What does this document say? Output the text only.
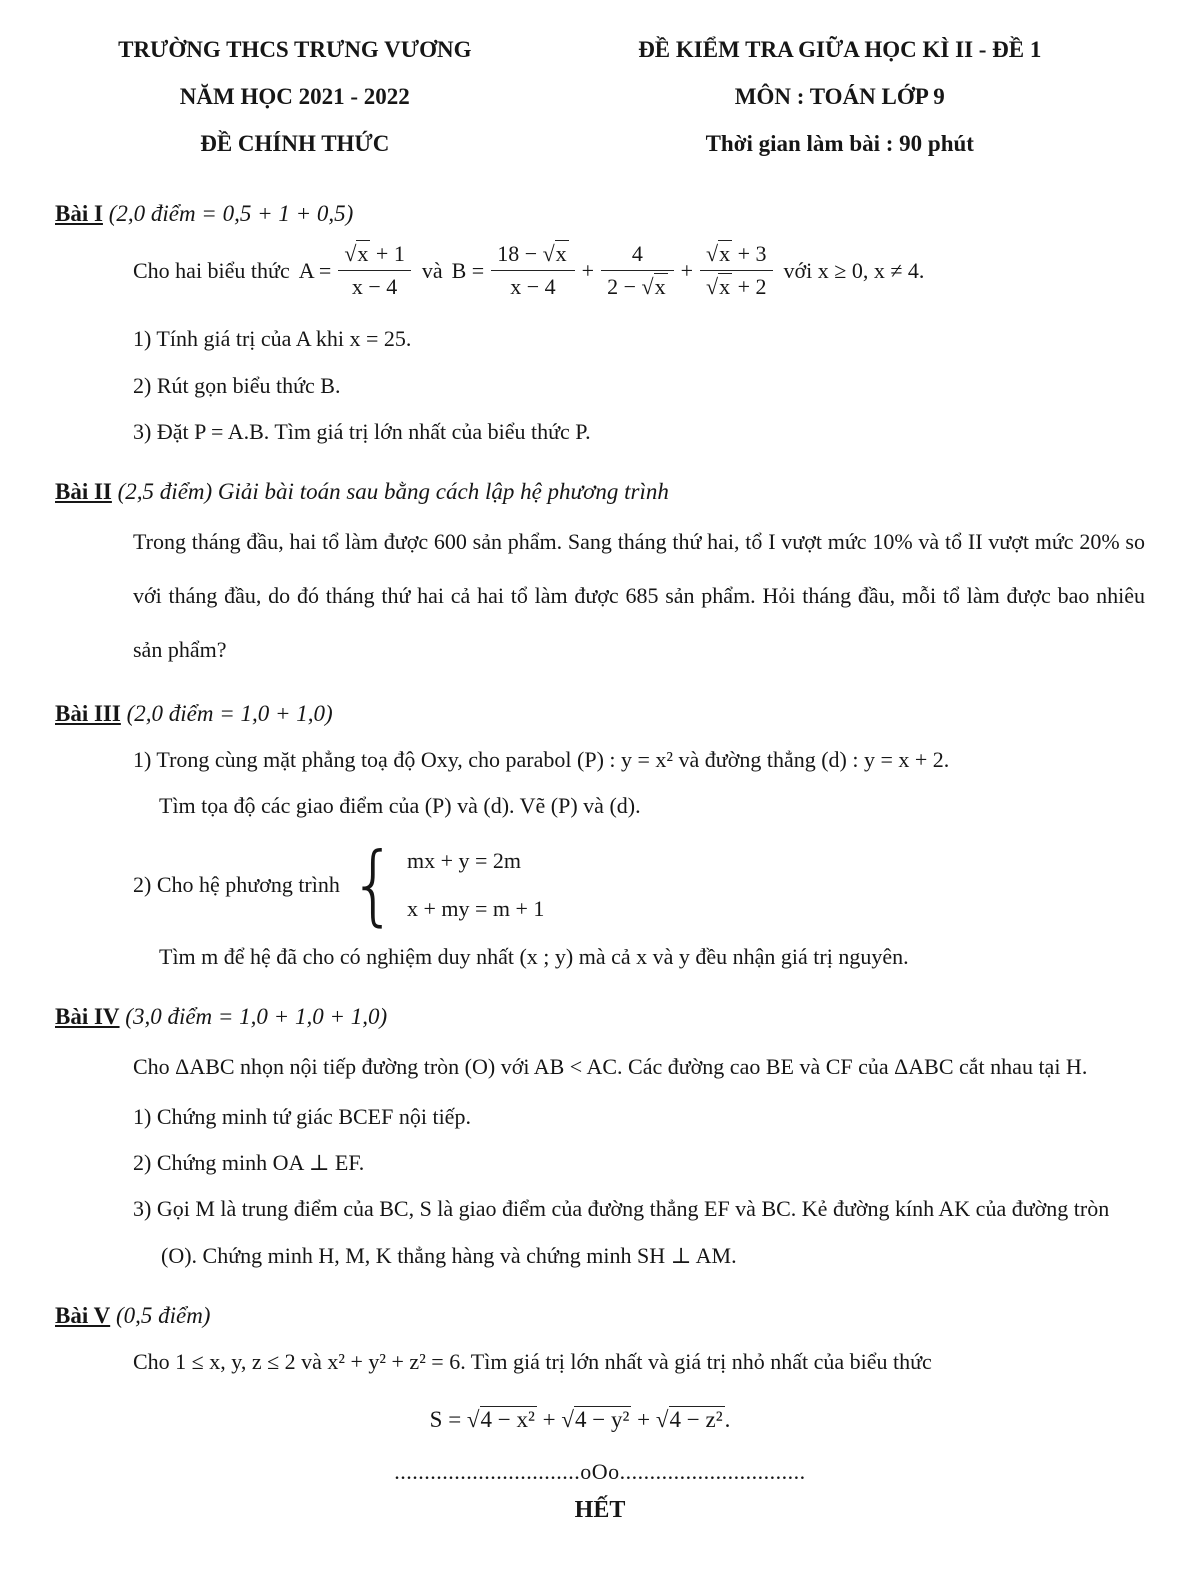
TRƯỜNG THCS TRƯNG VƯƠNG
NĂM HỌC 2021 - 2022
ĐỀ CHÍNH THỨC
ĐỀ KIỂM TRA GIỮA HỌC KÌ II - ĐỀ 1
MÔN : TOÁN LỚP 9
Thời gian làm bài : 90 phút

Bài I (2,0 điểm = 0,5 + 1 + 0,5)

Cho hai biểu thức $A = \frac{√x + 1}{x - 4}$ và $B = \frac{18 - √x}{x - 4} + \frac{4}{2 - √x} + \frac{√x + 3}{√x + 2}$ với x ≥ 0, x ≠ 4.

1) Tính giá trị của A khi x = 25.

2) Rút gọn biểu thức B.

3) Đặt P = A.B. Tìm giá trị lớn nhất của biểu thức P.

Bài II (2,5 điểm) Giải bài toán sau bằng cách lập hệ phương trình

Trong tháng đầu, hai tổ làm được 600 sản phẩm. Sang tháng thứ hai, tổ I vượt mức 10% và tổ II vượt mức 20% so với tháng đầu, do đó tháng thứ hai cả hai tổ làm được 685 sản phẩm. Hỏi tháng đầu, mỗi tổ làm được bao nhiêu sản phẩm?

Bài III (2,0 điểm = 1,0 + 1,0)

1) Trong cùng mặt phẳng toạ độ Oxy, cho parabol (P) : y = x² và đường thẳng (d) : y = x + 2.

Tìm tọa độ các giao điểm của (P) và (d). Vẽ (P) và (d).

2) Cho hệ phương trình { mx + y = 2m
x + my = m + 1

Tìm m để hệ đã cho có nghiệm duy nhất (x ; y) mà cả x và y đều nhận giá trị nguyên.

Bài IV (3,0 điểm = 1,0 + 1,0 + 1,0)

Cho ΔABC nhọn nội tiếp đường tròn (O) với AB < AC. Các đường cao BE và CF của ΔABC cắt nhau tại H.

1) Chứng minh tứ giác BCEF nội tiếp.

2) Chứng minh OA ⊥ EF.

3) Gọi M là trung điểm của BC, S là giao điểm của đường thẳng EF và BC. Kẻ đường kính AK của đường tròn (O). Chứng minh H, M, K thẳng hàng và chứng minh SH ⊥ AM.

Bài V (0,5 điểm)

Cho 1 ≤ x, y, z ≤ 2 và x² + y² + z² = 6. Tìm giá trị lớn nhất và giá trị nhỏ nhất của biểu thức

S = √4 − x² + √4 − y² + √4 − z².

...............................oOo...............................

HẾT
